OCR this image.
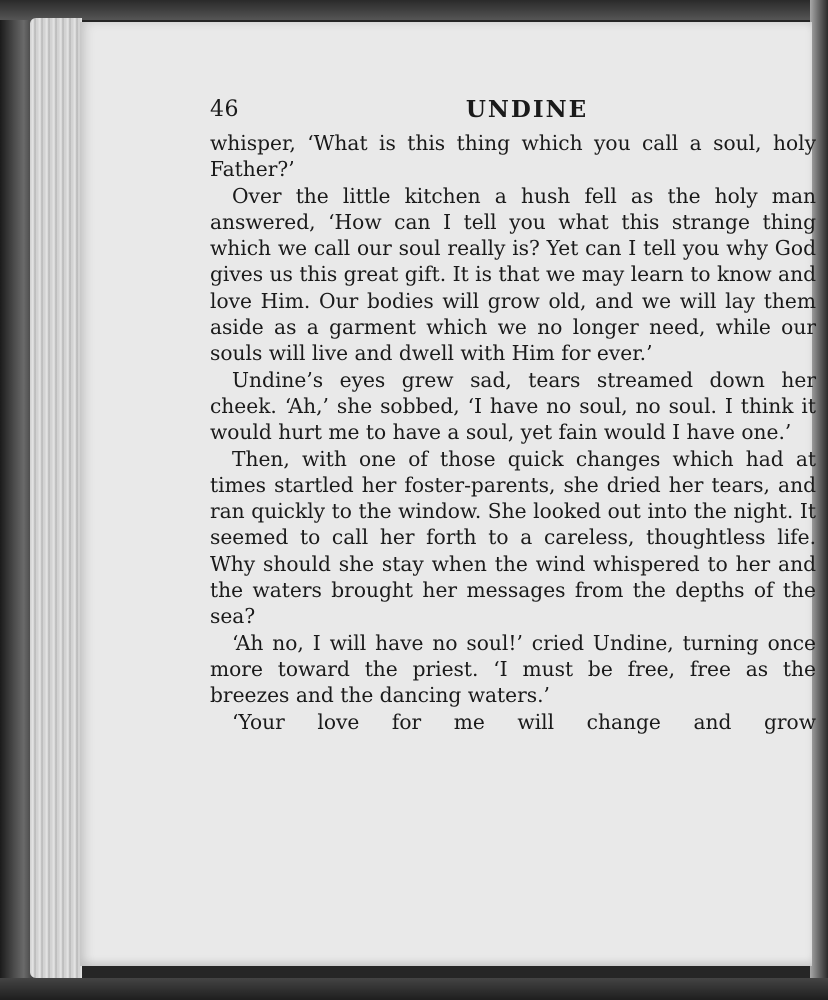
46	UNDINE

whisper, ‘What is this thing which you call a soul, holy Father?’

Over the little kitchen a hush fell as the holy man answered, ‘How can I tell you what this strange thing which we call our soul really is? Yet can I tell you why God gives us this great gift. It is that we may learn to know and love Him. Our bodies will grow old, and we will lay them aside as a garment which we no longer need, while our souls will live and dwell with Him for ever.’

Undine’s eyes grew sad, tears streamed down her cheek. ‘Ah,’ she sobbed, ‘I have no soul, no soul. I think it would hurt me to have a soul, yet fain would I have one.’

Then, with one of those quick changes which had at times startled her foster-parents, she dried her tears, and ran quickly to the window. She looked out into the night. It seemed to call her forth to a careless, thoughtless life. Why should she stay when the wind whispered to her and the waters brought her messages from the depths of the sea?

‘Ah no, I will have no soul!’ cried Undine, turning once more toward the priest. ‘I must be free, free as the breezes and the dancing waters.’

‘Your love for me will change and grow
